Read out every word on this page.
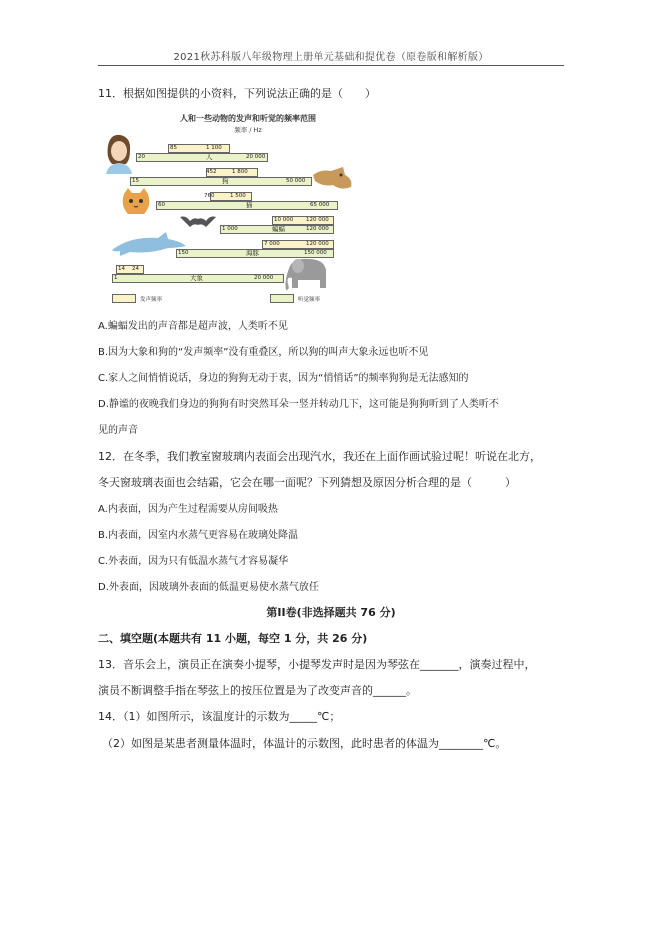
2021秋苏科版八年级物理上册单元基础和提优卷（原卷版和解析版）
11．根据如图提供的小资料，下列说法正确的是（　　）
人和一些动物的发声和听觉的频率范围
频率 / Hz
85	1 100
20	人	20 000
452	1 800
15	狗	50 000
760	1 500
60	猫	65 000
10 000 120 000
1 000	蝙蝠	120 000
7 000	120 000
150	海豚	150 000
14 24
1	大象	20 000
发声频率	听觉频率
A.蝙蝠发出的声音都是超声波，人类听不见
B.因为大象和狗的“发声频率”没有重叠区，所以狗的叫声大象永远也听不见
C.家人之间悄悄说话，身边的狗狗无动于衷，因为“悄悄话”的频率狗狗是无法感知的
D.静谧的夜晚我们身边的狗狗有时突然耳朵一竖并转动几下，这可能是狗狗听到了人类听不
见的声音
12．在冬季，我们教室窗玻璃内表面会出现汽水，我还在上面作画试验过呢！听说在北方，
冬天窗玻璃表面也会结霜，它会在哪一面呢？下列猜想及原因分析合理的是（　　　）
A.内表面，因为产生过程需要从房间吸热
B.内表面，因室内水蒸气更容易在玻璃处降温
C.外表面，因为只有低温水蒸气才容易凝华
D.外表面，因玻璃外表面的低温更易使水蒸气放任
第II卷(非选择题共 76 分)
二、填空题(本题共有 11 小题，每空 1 分，共 26 分)
13．音乐会上，演员正在演奏小提琴，小提琴发声时是因为琴弦在_______，演奏过程中，
演员不断调整手指在琴弦上的按压位置是为了改变声音的______。
14．（1）如图所示，该温度计的示数为_____℃；
（2）如图是某患者测量体温时，体温计的示数图，此时患者的体温为________℃。
